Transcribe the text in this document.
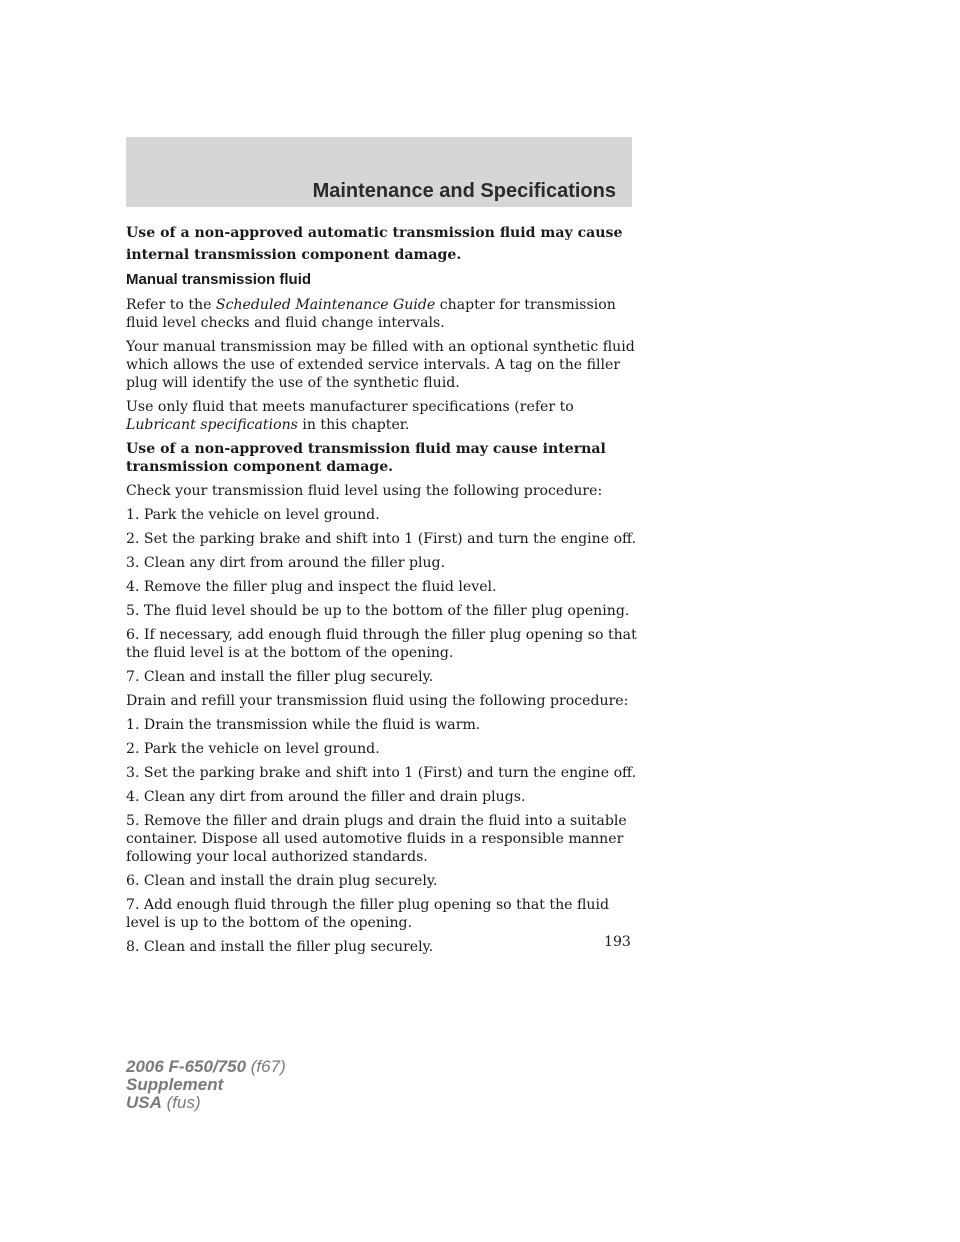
Maintenance and Specifications

Use of a non-approved automatic transmission fluid may cause internal transmission component damage.

Manual transmission fluid

Refer to the Scheduled Maintenance Guide chapter for transmission fluid level checks and fluid change intervals.

Your manual transmission may be filled with an optional synthetic fluid which allows the use of extended service intervals. A tag on the filler plug will identify the use of the synthetic fluid.

Use only fluid that meets manufacturer specifications (refer to
Lubricant specifications in this chapter.

Use of a non-approved transmission fluid may cause internal transmission component damage.

Check your transmission fluid level using the following procedure:

1. Park the vehicle on level ground.

2. Set the parking brake and shift into 1 (First) and turn the engine off.

3. Clean any dirt from around the filler plug.

4. Remove the filler plug and inspect the fluid level.

5. The fluid level should be up to the bottom of the filler plug opening.

6. If necessary, add enough fluid through the filler plug opening so that the fluid level is at the bottom of the opening.

7. Clean and install the filler plug securely.

Drain and refill your transmission fluid using the following procedure:

1. Drain the transmission while the fluid is warm.

2. Park the vehicle on level ground.

3. Set the parking brake and shift into 1 (First) and turn the engine off.

4. Clean any dirt from around the filler and drain plugs.

5. Remove the filler and drain plugs and drain the fluid into a suitable container. Dispose all used automotive fluids in a responsible manner following your local authorized standards.

6. Clean and install the drain plug securely.

7. Add enough fluid through the filler plug opening so that the fluid level is up to the bottom of the opening.

8. Clean and install the filler plug securely.	193
2006 F-650/750 (f67)
Supplement
USA (fus)
